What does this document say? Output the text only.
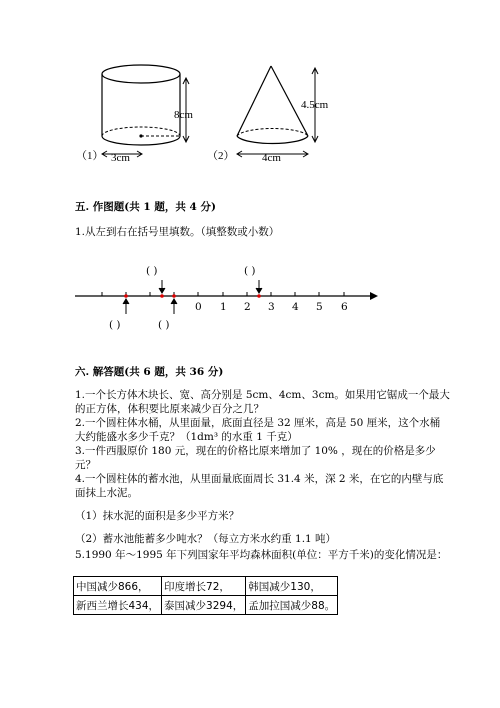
8cm
3cm
（1）
4.5cm
4cm
（2）
五. 作图题(共 1 题，共 4 分)
1.从左到右在括号里填数。（填整数或小数）
0 1 2 3 4 5 6
( )	( )
( )	( )
六. 解答题(共 6 题，共 36 分)
1.一个长方体木块长、宽、高分别是 5cm、4cm、3cm。如果用它锯成一个最大
的正方体，体积要比原来减少百分之几？
2.一个圆柱体水桶，从里面量，底面直径是 32 厘米，高是 50 厘米，这个水桶
大约能盛水多少千克？（1dm³ 的水重 1 千克）
3.一件西服原价 180 元，现在的价格比原来增加了 10% ，现在的价格是多少
元？
4.一个圆柱体的蓄水池，从里面量底面周长 31.4 米，深 2 米，在它的内壁与底
面抹上水泥。
（1）抹水泥的面积是多少平方米？
（2）蓄水池能蓄多少吨水？（每立方米水约重 1.1 吨）
5.1990 年～1995 年下列国家年平均森林面积(单位：平方千米)的变化情况是：
中国减少866，	印度增长72，	韩国减少130，
新西兰增长434，	泰国减少3294，	孟加拉国减少88。
